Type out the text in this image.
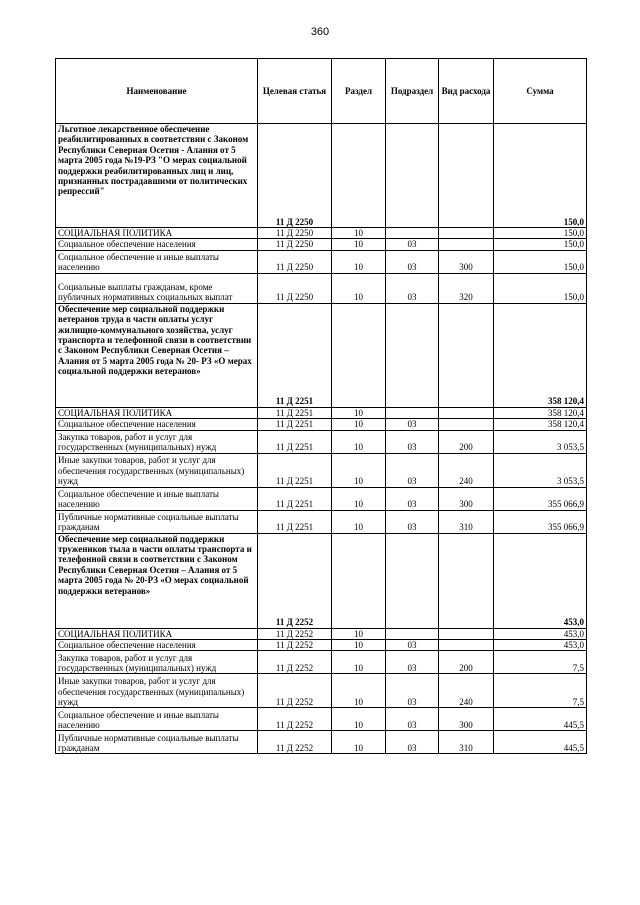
360
Наименование	Целевая статья	Раздел	Подраздел	Вид расхода	Сумма
Льготное лекарственное обеспечение реабилитированных в соответствии с Законом Республики Северная Осетия - Алания от 5 марта 2005 года №19-РЗ "О мерах социальной поддержки реабилитированных лиц и лиц, признанных пострадавшими от политических репрессий"	11 Д 2250				150,0
СОЦИАЛЬНАЯ ПОЛИТИКА	11 Д 2250	10			150,0
Социальное обеспечение населения	11 Д 2250	10	03		150,0
Социальное обеспечение и иные выплаты населению	11 Д 2250	10	03	300	150,0
Социальные выплаты гражданам, кроме публичных нормативных социальных выплат	11 Д 2250	10	03	320	150,0
Обеспечение мер социальной поддержки ветеранов труда в части оплаты услуг жилищно-коммунального хозяйства, услуг транспорта и телефонной связи в соответствии с Законом Республики Северная Осетия – Алания от 5 марта 2005 года № 20- РЗ «О мерах социальной поддержки ветеранов»	11 Д 2251				358 120,4
СОЦИАЛЬНАЯ ПОЛИТИКА	11 Д 2251	10			358 120,4
Социальное обеспечение населения	11 Д 2251	10	03		358 120,4
Закупка товаров, работ и услуг для государственных (муниципальных) нужд	11 Д 2251	10	03	200	3 053,5
Иные закупки товаров, работ и услуг для обеспечения государственных (муниципальных) нужд	11 Д 2251	10	03	240	3 053,5
Социальное обеспечение и иные выплаты населению	11 Д 2251	10	03	300	355 066,9
Публичные нормативные социальные выплаты гражданам	11 Д 2251	10	03	310	355 066,9
Обеспечение мер социальной поддержки тружеников тыла в части оплаты транспорта и телефонной связи в соответствии с Законом Республики Северная Осетия – Алания от 5 марта 2005 года № 20-РЗ «О мерах социальной поддержки ветеранов»	11 Д 2252				453,0
СОЦИАЛЬНАЯ ПОЛИТИКА	11 Д 2252	10			453,0
Социальное обеспечение населения	11 Д 2252	10	03		453,0
Закупка товаров, работ и услуг для государственных (муниципальных) нужд	11 Д 2252	10	03	200	7,5
Иные закупки товаров, работ и услуг для обеспечения государственных (муниципальных) нужд	11 Д 2252	10	03	240	7,5
Социальное обеспечение и иные выплаты населению	11 Д 2252	10	03	300	445,5
Публичные нормативные социальные выплаты гражданам	11 Д 2252	10	03	310	445,5
